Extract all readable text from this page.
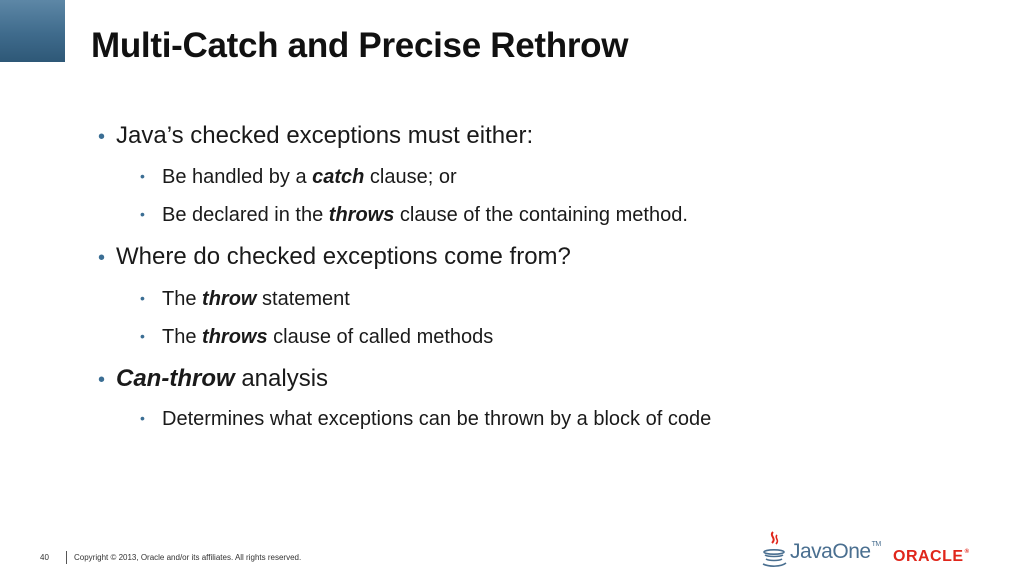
Multi-Catch and Precise Rethrow
• Java’s checked exceptions must either:
• Be handled by a catch clause; or
• Be declared in the throws clause of the containing method.
• Where do checked exceptions come from?
• The throw statement
• The throws clause of called methods
• Can-throw analysis
• Determines what exceptions can be thrown by a block of code
40	Copyright © 2013, Oracle and/or its affiliates. All rights reserved.	JavaOne™
ORACLE®
